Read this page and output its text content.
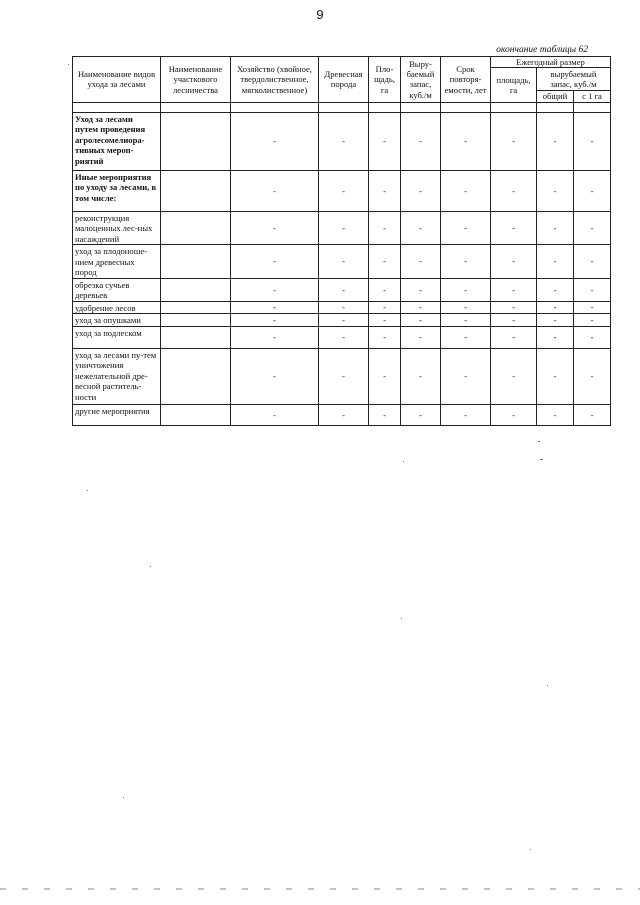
9
окончание таблицы 62
Наименование видов ухода за лесами	Наименование участкового лесничества	Хозяйство (хвойное, твердолиственное, мягколиственное)	Древесная порода	Пло-щадь, га	Выру-баемый запас, куб./м	Срок повторя-емости, лет	Ежегодный размер		
							площадь, га	вырубаемый запас, куб./м	
								общий	с 1 га

Уход за лесами путем проведения агролесомелиора-тивных мероп-риятий		-	-	-	-	-	-	-	-
Иные мероприятия по уходу за лесами, в том числе:		-	-	-	-	-	-	-	-
реконструкция малоценных лес-ных насаждений		-	-	-	-	-	-	-	-
уход за плодоноше-нием древесных пород		-	-	-	-	-	-	-	-
обрезка сучьев деревьев		-	-	-	-	-	-	-	-
удобрение лесов		-	-	-	-	-	-	-	-
уход за опушками		-	-	-	-	-	-	-	-
уход за подлеском		-	-	-	-	-	-	-	-
уход за лесами пу-тем уничтожения нежелательной дре-весной раститель-ности		-	-	-	-	-	-	-	-
другие мероприятия		-	-	-	-	-	-	-	-
